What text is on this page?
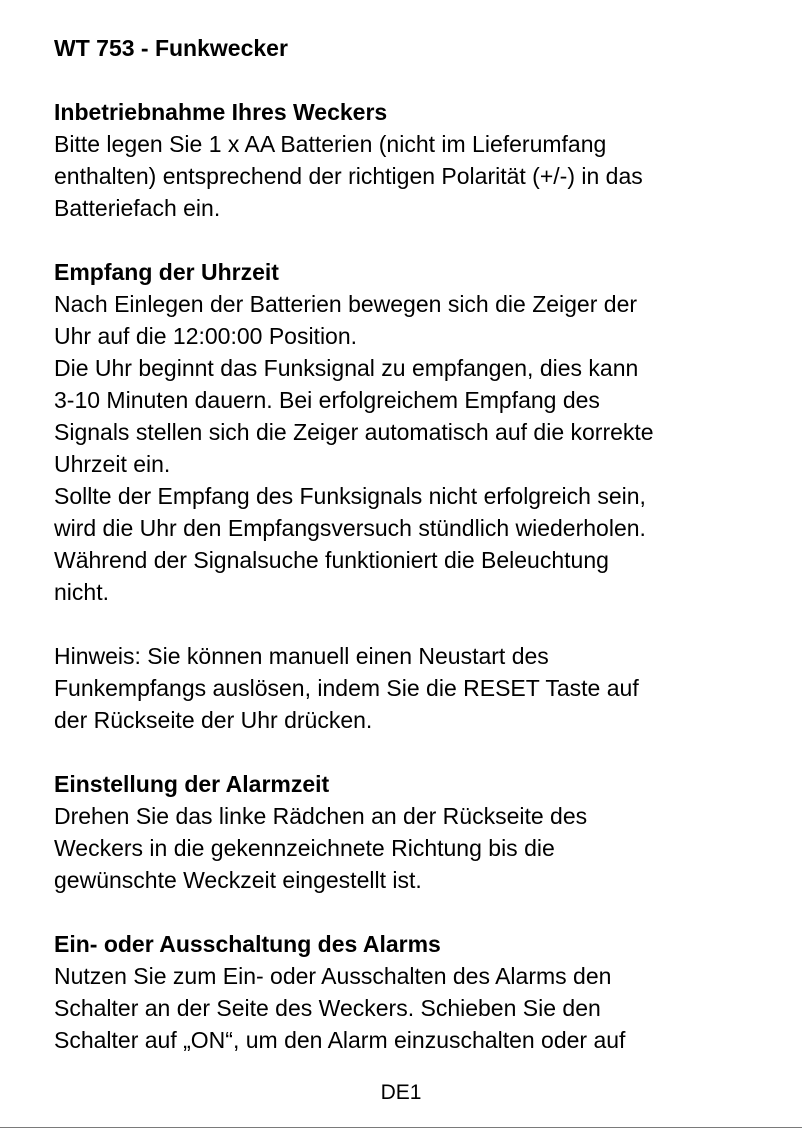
WT 753 - Funkwecker
Inbetriebnahme Ihres Weckers
Bitte legen Sie 1 x AA Batterien (nicht im Lieferumfang
enthalten) entsprechend der richtigen Polarität (+/-) in das
Batteriefach ein.
Empfang der Uhrzeit
Nach Einlegen der Batterien bewegen sich die Zeiger der
Uhr auf die 12:00:00 Position.
Die Uhr beginnt das Funksignal zu empfangen, dies kann
3-10 Minuten dauern. Bei erfolgreichem Empfang des
Signals stellen sich die Zeiger automatisch auf die korrekte
Uhrzeit ein.
Sollte der Empfang des Funksignals nicht erfolgreich sein,
wird die Uhr den Empfangsversuch stündlich wiederholen.
Während der Signalsuche funktioniert die Beleuchtung
nicht.
Hinweis: Sie können manuell einen Neustart des
Funkempfangs auslösen, indem Sie die RESET Taste auf
der Rückseite der Uhr drücken.
Einstellung der Alarmzeit
Drehen Sie das linke Rädchen an der Rückseite des
Weckers in die gekennzeichnete Richtung bis die
gewünschte Weckzeit eingestellt ist.
Ein- oder Ausschaltung des Alarms
Nutzen Sie zum Ein- oder Ausschalten des Alarms den
Schalter an der Seite des Weckers. Schieben Sie den
Schalter auf „ON“, um den Alarm einzuschalten oder auf
DE1
